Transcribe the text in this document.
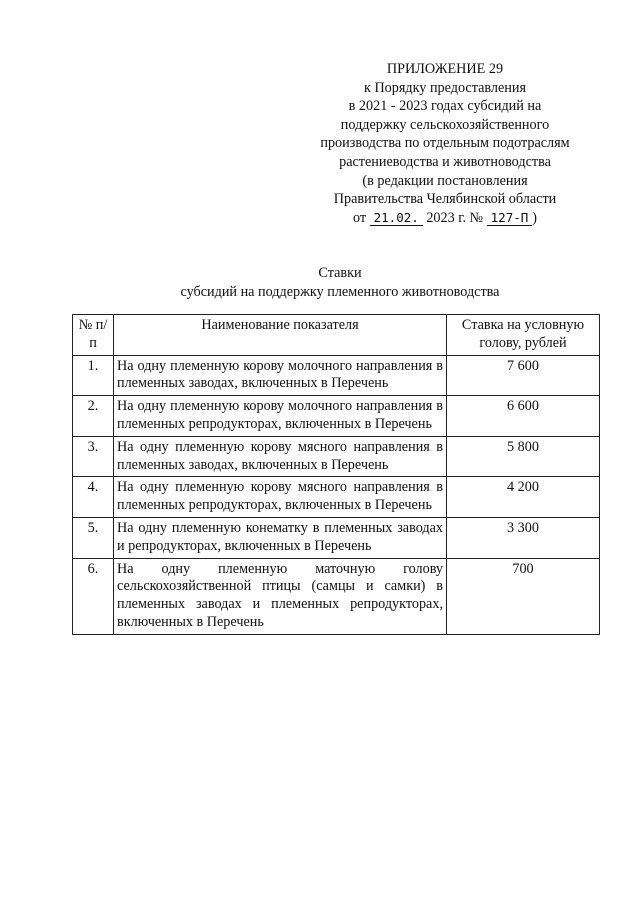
ПРИЛОЖЕНИЕ 29
к Порядку предоставления
в 2021 - 2023 годах субсидий на
поддержку сельскохозяйственного
производства по отдельным подотраслям
растениеводства и животноводства
(в редакции постановления
Правительства Челябинской области
от 21.02. 2023 г. № 127-П )
Ставки
субсидий на поддержку племенного животноводства
№ п/п	Наименование показателя	Ставка на условную голову, рублей
1.	На одну племенную корову молочного направления в племенных заводах, включенных в Перечень	7 600
2.	На одну племенную корову молочного направления в племенных репродукторах, включенных в Перечень	6 600
3.	На одну племенную корову мясного направления в племенных заводах, включенных в Перечень	5 800
4.	На одну племенную корову мясного направления в племенных репродукторах, включенных в Перечень	4 200
5.	На одну племенную конематку в племенных заводах и репродукторах, включенных в Перечень	3 300
6.	На одну племенную маточную голову сельскохозяйственной птицы (самцы и самки) в племенных заводах и племенных репродукторах, включенных в Перечень	700
